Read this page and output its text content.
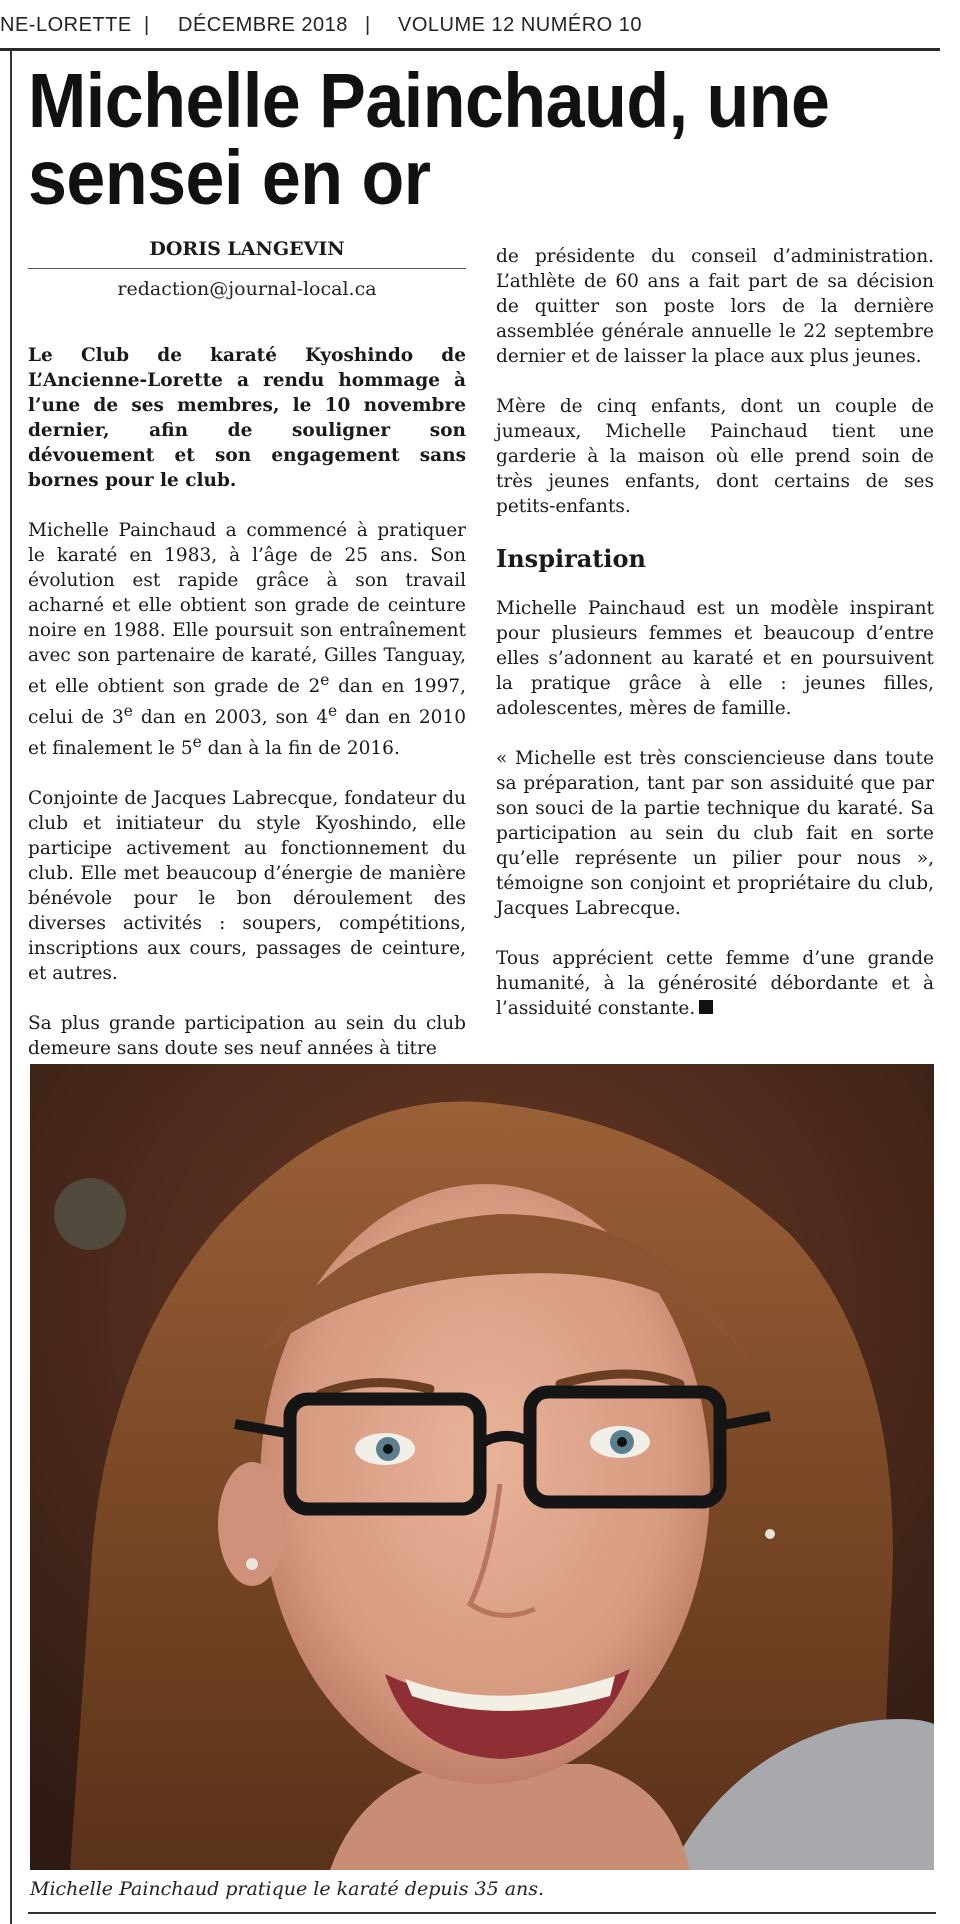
NE-LORETTE | DÉCEMBRE 2018 | VOLUME 12 NUMÉRO 10
Michelle Painchaud, une sensei en or
DORIS LANGEVIN
redaction@journal-local.ca

Le Club de karaté Kyoshindo de L’Ancienne-Lorette a rendu hommage à l’une de ses membres, le 10 novembre dernier, afin de souligner son dévouement et son engagement sans bornes pour le club.

Michelle Painchaud a commencé à pratiquer le karaté en 1983, à l’âge de 25 ans. Son évolution est rapide grâce à son travail acharné et elle obtient son grade de ceinture noire en 1988. Elle poursuit son entraînement avec son partenaire de karaté, Gilles Tanguay, et elle obtient son grade de 2e dan en 1997, celui de 3e dan en 2003, son 4e dan en 2010 et finalement le 5e dan à la fin de 2016.

Conjointe de Jacques Labrecque, fondateur du club et initiateur du style Kyoshindo, elle participe activement au fonctionnement du club. Elle met beaucoup d’énergie de manière bénévole pour le bon déroulement des diverses activités : soupers, compétitions, inscriptions aux cours, passages de ceinture, et autres.

Sa plus grande participation au sein du club demeure sans doute ses neuf années à titre

de présidente du conseil d’administration. L’athlète de 60 ans a fait part de sa décision de quitter son poste lors de la dernière assemblée générale annuelle le 22 septembre dernier et de laisser la place aux plus jeunes.

Mère de cinq enfants, dont un couple de jumeaux, Michelle Painchaud tient une garderie à la maison où elle prend soin de très jeunes enfants, dont certains de ses petits-enfants.

Inspiration

Michelle Painchaud est un modèle inspirant pour plusieurs femmes et beaucoup d’entre elles s’adonnent au karaté et en poursuivent la pratique grâce à elle : jeunes filles, adolescentes, mères de famille.

« Michelle est très consciencieuse dans toute sa préparation, tant par son assiduité que par son souci de la partie technique du karaté. Sa participation au sein du club fait en sorte qu’elle représente un pilier pour nous », témoigne son conjoint et propriétaire du club, Jacques Labrecque.

Tous apprécient cette femme d’une grande humanité, à la générosité débordante et à l’assiduité constante.

Michelle Painchaud pratique le karaté depuis 35 ans.
